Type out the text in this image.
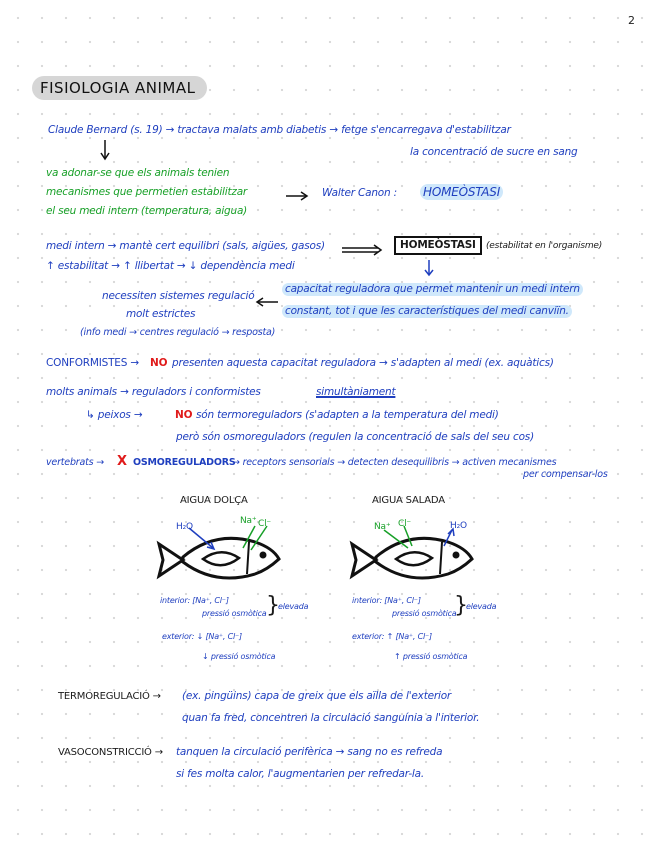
2
FISIOLOGIA ANIMAL
Claude Bernard (s. 19) → tractava malats amb diabetis → fetge s'encarregava d'estabilitzar
la concentració de sucre en sang
va adonar-se que els animals tenien
mecanismes que permetien estabilitzar
el seu medi intern (temperatura, aigua)
Walter Canon : HOMEÒSTASI
medi intern → mantè cert equilibri (sals, aigües, gasos)
↑ estabilitat → ↑ llibertat → ↓ dependència medi
HOMEÒSTASI	(estabilitat en l'organisme)
capacitat reguladora que permet mantenir un medi intern
constant, tot i que les característiques del medi canviïn.
necessiten sistemes regulació
molt estrictes
(info medi → centres regulació → resposta)
CONFORMISTES → NO presenten aquesta capacitat reguladora → s'adapten al medi (ex. aquàtics)
molts animals → reguladors i conformistes	simultàniament
↳ peixos →	NO són termoreguladors (s'adapten a la temperatura del medi)
però són osmoreguladors (regulen la concentració de sals del seu cos)
vertebrats → X OSMOREGULADORS
→ receptors sensorials → detecten desequilibris → activen mecanismes
per compensar-los
AIGUA DOLÇA	AIGUA SALADA
H₂O
Na⁺ Cl⁻	Na⁺ Cl⁻	H₂O
interior: [Na⁺, Cl⁻]
pressió osmòtica }
elevada
exterior: ↓ [Na⁺, Cl⁻]
↓ pressió osmòtica
interior: [Na⁺, Cl⁻]
pressió osmòtica
}
elevada
exterior: ↑ [Na⁺, Cl⁻]
↑ pressió osmòtica
TERMOREGULACIÓ → (ex. pingüins) capa de greix que els aïlla de l'exterior
quan fa fred, concentren la circulació sanguínia a l'interior.
VASOCONSTRICCIÓ → tanquen la circulació perifèrica → sang no es refreda
si fes molta calor, l'augmentarien per refredar-la.
